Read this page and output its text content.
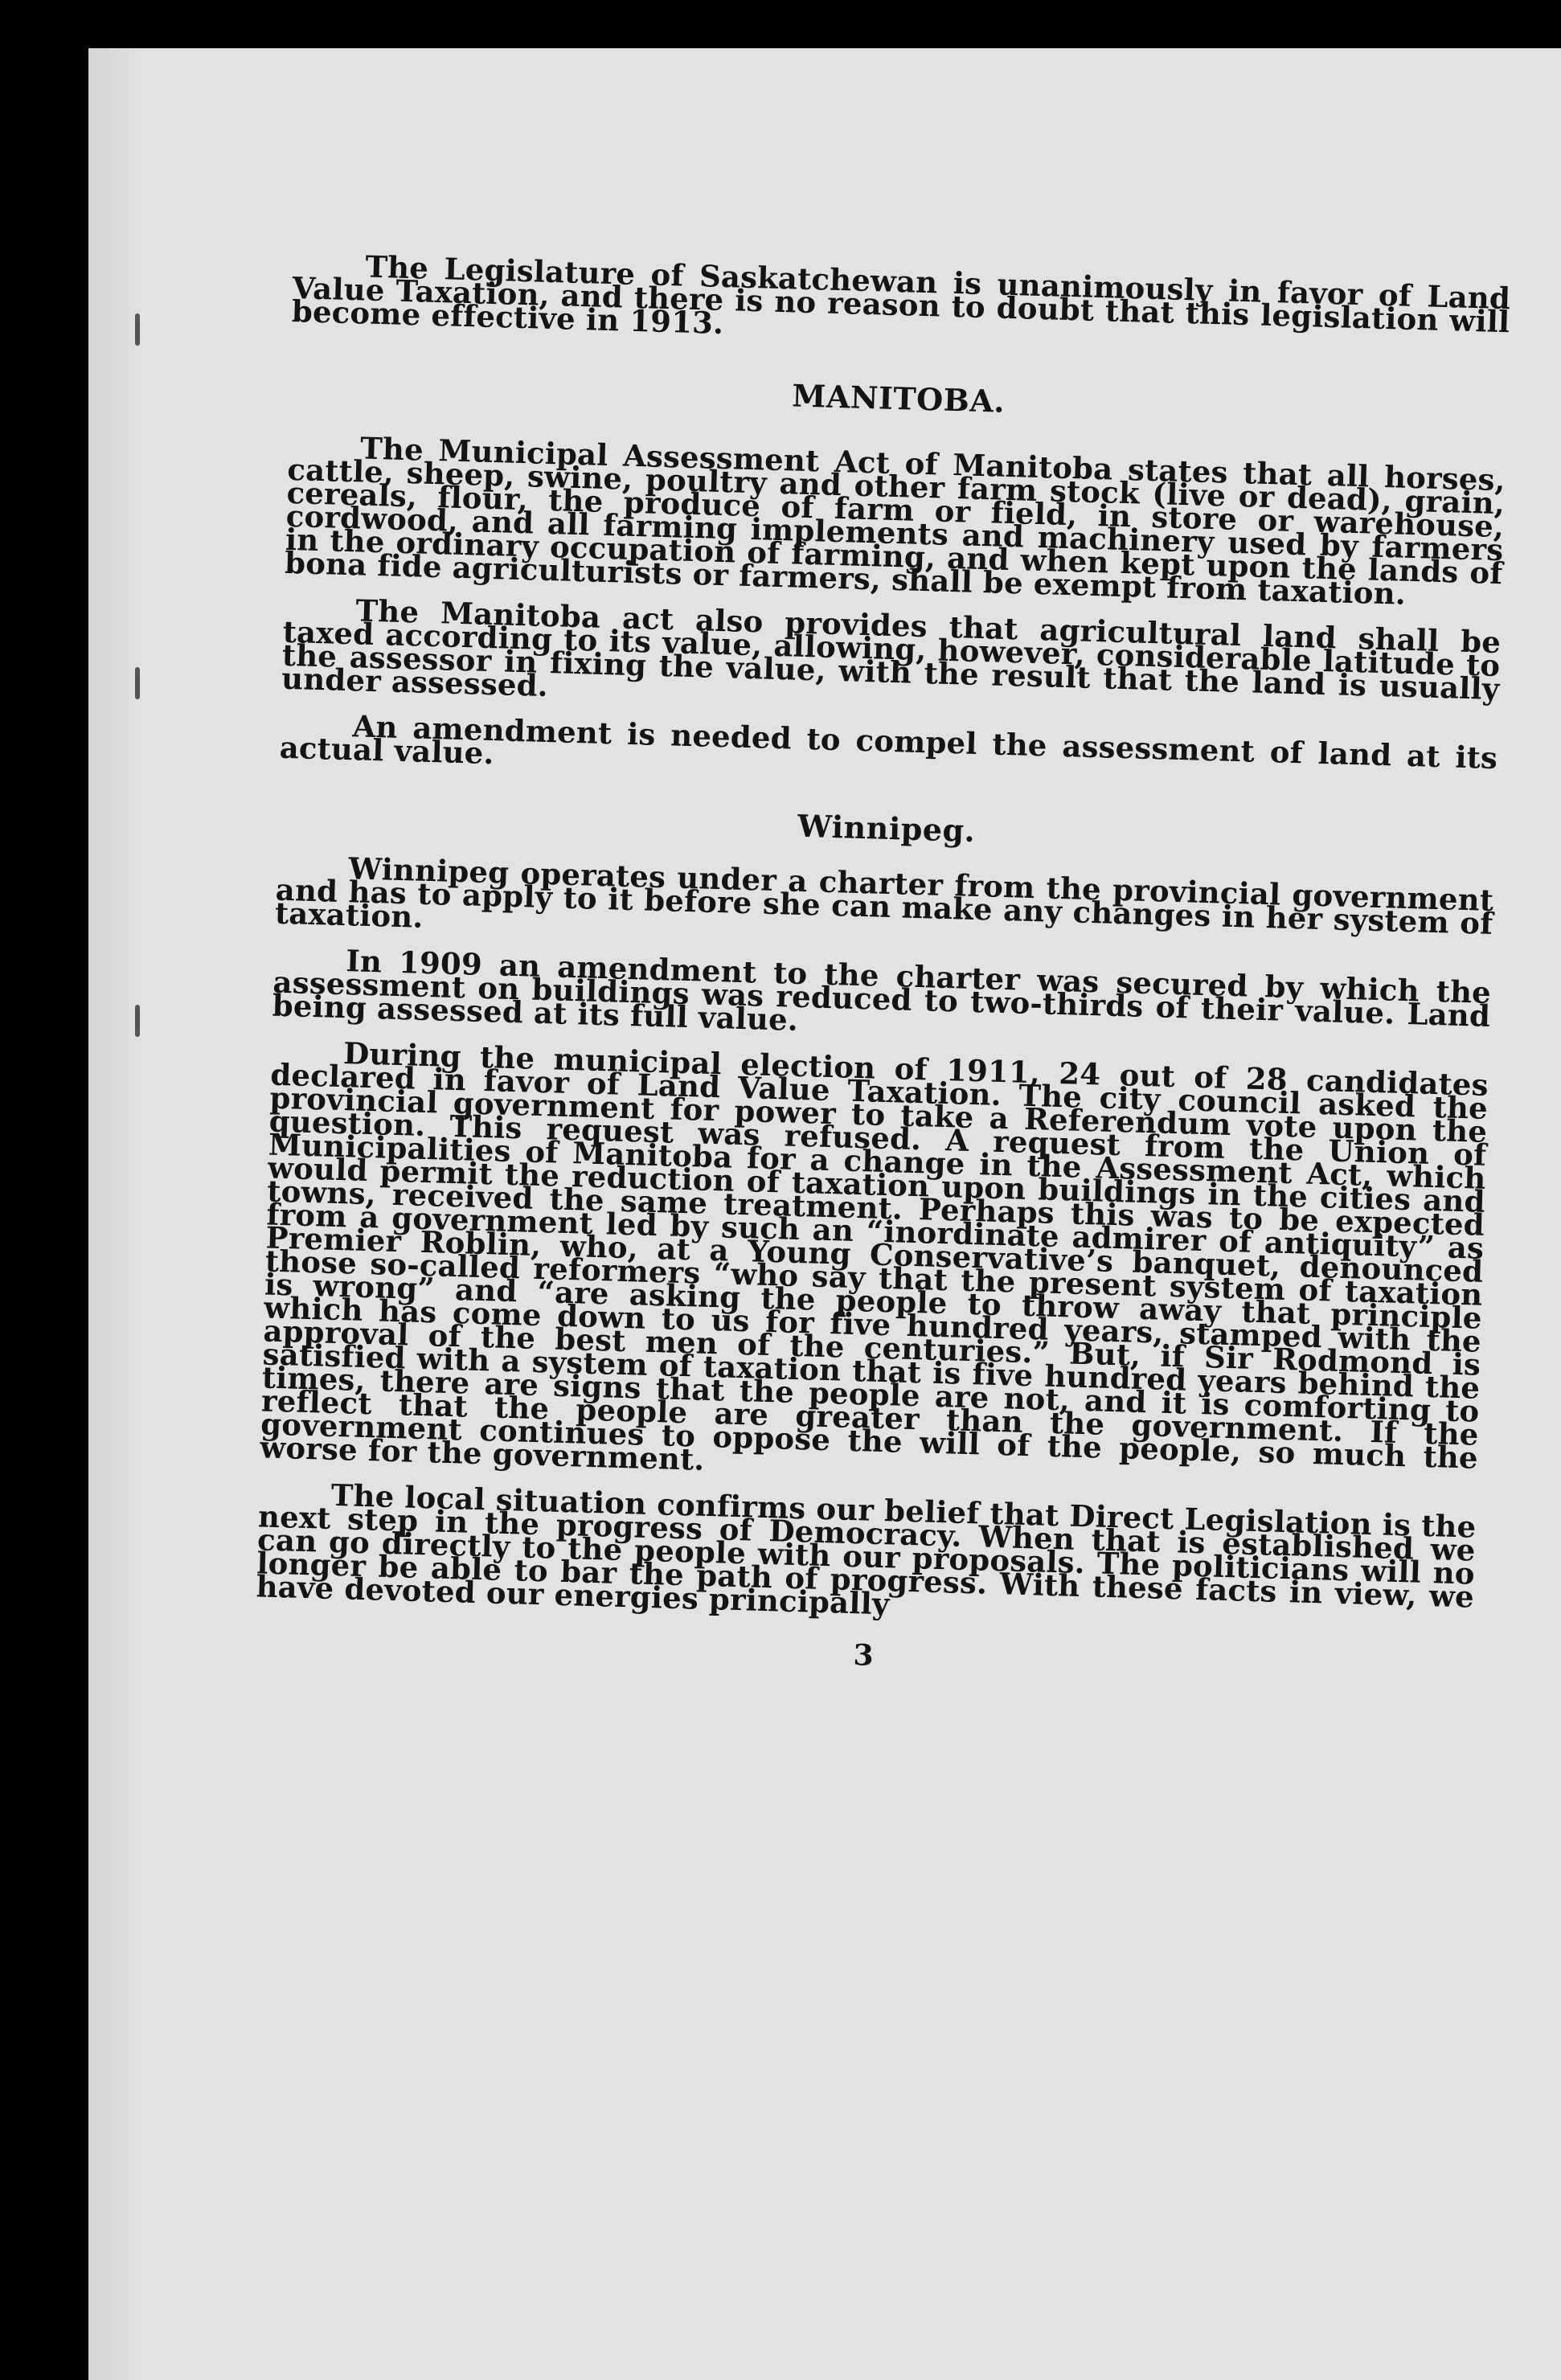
The Legislature of Saskatchewan is unanimously in favor of Land Value Taxation, and there is no reason to doubt that this legislation will become effective in 1913.

MANITOBA.

The Municipal Assessment Act of Manitoba states that all horses, cattle, sheep, swine, poultry and other farm stock (live or dead), grain, cereals, flour, the produce of farm or field, in store or warehouse, cordwood, and all farming implements and machinery used by farmers in the ordinary occupation of farming, and when kept upon the lands of bona fide agriculturists or farmers, shall be exempt from taxation.

The Manitoba act also provides that agricultural land shall be taxed according to its value, allowing, however, considerable latitude to the assessor in fixing the value, with the result that the land is usually under assessed.

An amendment is needed to compel the assessment of land at its actual value.

Winnipeg.

Winnipeg operates under a charter from the provincial government and has to apply to it before she can make any changes in her system of taxation.

In 1909 an amendment to the charter was secured by which the assessment on buildings was reduced to two-thirds of their value. Land being assessed at its full value.

During the municipal election of 1911, 24 out of 28 candidates declared in favor of Land Value Taxation. The city council asked the provincial government for power to take a Referendum vote upon the question. This request was refused. A request from the Union of Municipalities of Manitoba for a change in the Assessment Act, which would permit the reduction of taxation upon buildings in the cities and towns, received the same treatment. Perhaps this was to be expected from a government led by such an “inordinate admirer of antiquity” as Premier Roblin, who, at a Young Conservative’s banquet, denounced those so-called reformers “who say that the present system of taxation is wrong” and “are asking the people to throw away that principle which has come down to us for five hundred years, stamped with the approval of the best men of the centuries.” But, if Sir Rodmond is satisfied with a system of taxation that is five hundred years behind the times, there are signs that the people are not, and it is comforting to reflect that the people are greater than the government. If the government continues to oppose the will of the people, so much the worse for the government.

The local situation confirms our belief that Direct Legislation is the next step in the progress of Democracy. When that is established we can go directly to the people with our proposals. The politicians will no longer be able to bar the path of progress. With these facts in view, we have devoted our energies principally

3
